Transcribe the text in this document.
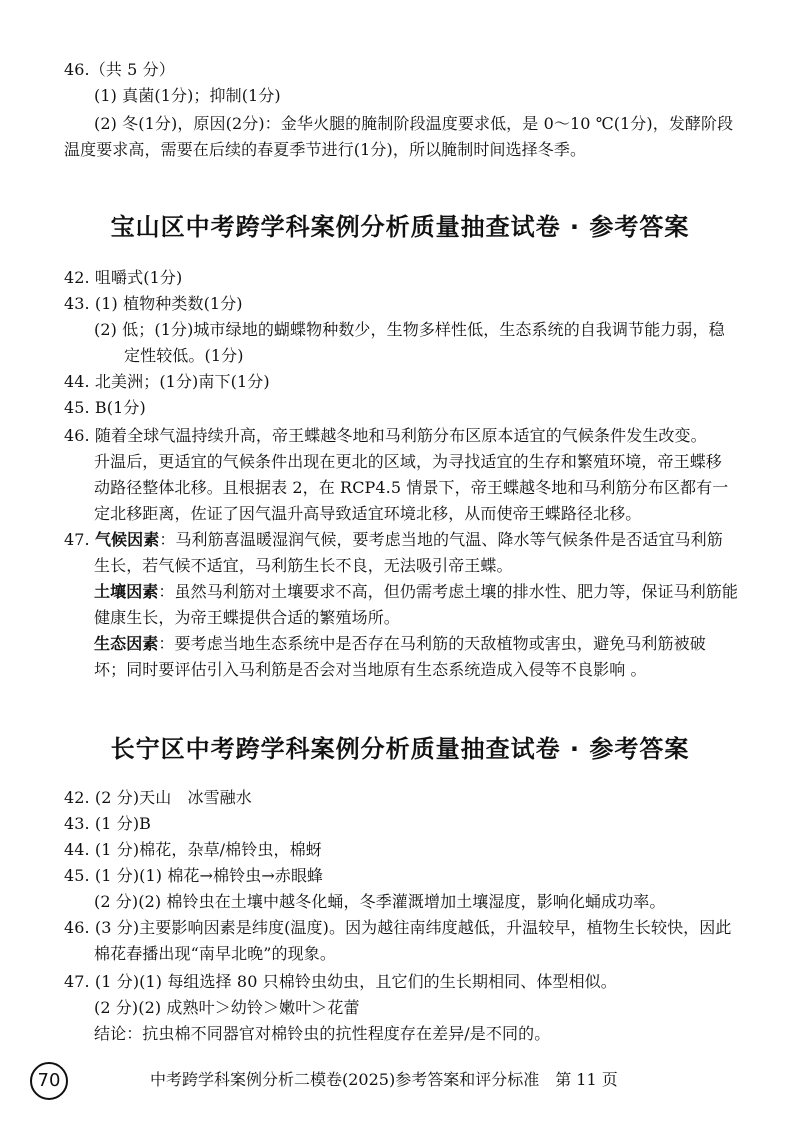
46.（共 5 分）
(1) 真菌(1分)；抑制(1分)
(2) 冬(1分)，原因(2分)：金华火腿的腌制阶段温度要求低，是 0～10 ℃(1分)，发酵阶段
温度要求高，需要在后续的春夏季节进行(1分)，所以腌制时间选择冬季。
宝山区中考跨学科案例分析质量抽查试卷 · 参考答案
42. 咀嚼式(1分)
43. (1) 植物种类数(1分)
(2) 低；(1分)城市绿地的蝴蝶物种数少，生物多样性低，生态系统的自我调节能力弱，稳
定性较低。(1分)
44. 北美洲；(1分)南下(1分)
45. B(1分)
46. 随着全球气温持续升高，帝王蝶越冬地和马利筋分布区原本适宜的气候条件发生改变。
升温后，更适宜的气候条件出现在更北的区域，为寻找适宜的生存和繁殖环境，帝王蝶移
动路径整体北移。且根据表 2，在 RCP4.5 情景下，帝王蝶越冬地和马利筋分布区都有一
定北移距离，佐证了因气温升高导致适宜环境北移，从而使帝王蝶路径北移。
47. 气候因素：马利筋喜温暖湿润气候，要考虑当地的气温、降水等气候条件是否适宜马利筋
生长，若气候不适宜，马利筋生长不良，无法吸引帝王蝶。
土壤因素：虽然马利筋对土壤要求不高，但仍需考虑土壤的排水性、肥力等，保证马利筋能
健康生长，为帝王蝶提供合适的繁殖场所。
生态因素：要考虑当地生态系统中是否存在马利筋的天敌植物或害虫，避免马利筋被破
坏；同时要评估引入马利筋是否会对当地原有生态系统造成入侵等不良影响 。
长宁区中考跨学科案例分析质量抽查试卷 · 参考答案
42. (2 分)天山　冰雪融水
43. (1 分)B
44. (1 分)棉花，杂草/棉铃虫，棉蚜
45. (1 分)(1) 棉花→棉铃虫→赤眼蜂
(2 分)(2) 棉铃虫在土壤中越冬化蛹，冬季灌溉增加土壤湿度，影响化蛹成功率。
46. (3 分)主要影响因素是纬度(温度)。因为越往南纬度越低，升温较早，植物生长较快，因此
棉花春播出现“南早北晚”的现象。
47. (1 分)(1) 每组选择 80 只棉铃虫幼虫，且它们的生长期相同、体型相似。
(2 分)(2) 成熟叶＞幼铃＞嫩叶＞花蕾
结论：抗虫棉不同器官对棉铃虫的抗性程度存在差异/是不同的。
70	中考跨学科案例分析二模卷(2025)参考答案和评分标准　第 11 页
